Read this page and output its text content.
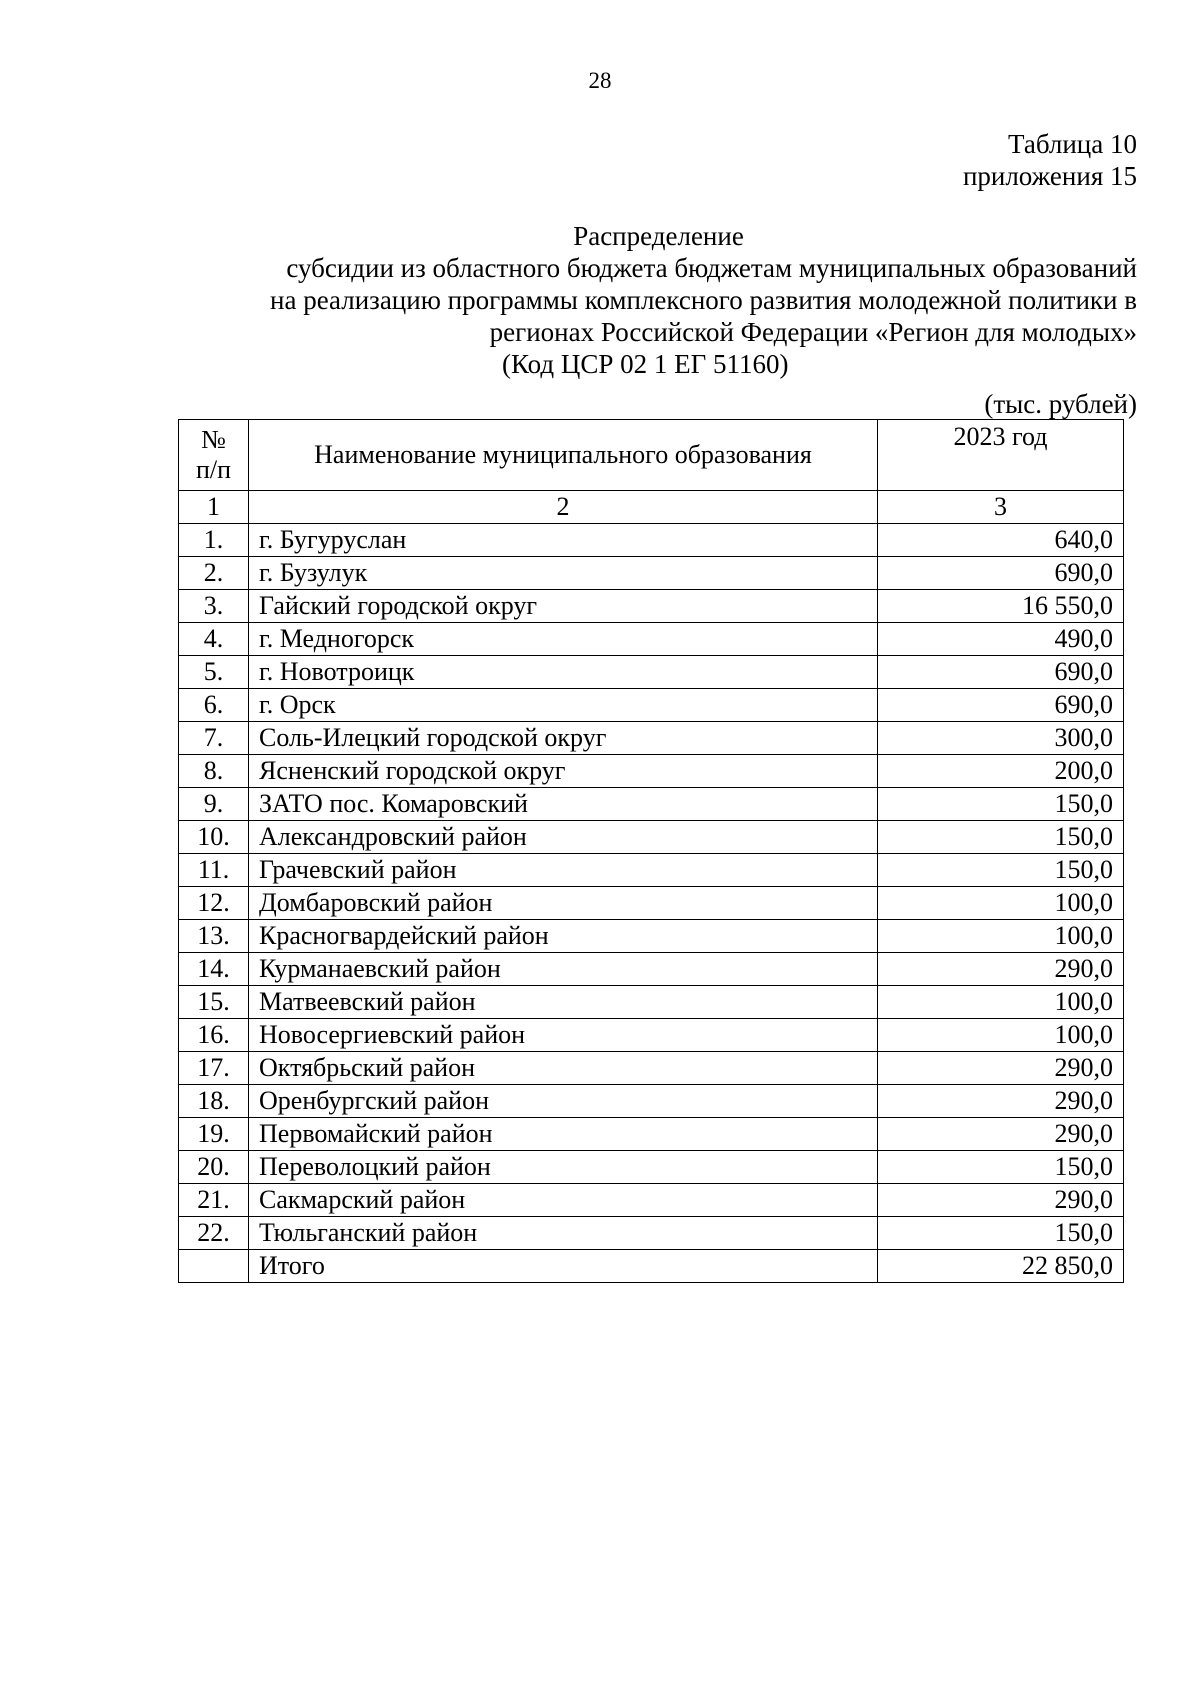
28
Таблица 10
приложения 15
Распределение
субсидии из областного бюджета бюджетам муниципальных образований
на реализацию программы комплексного развития молодежной политики в
регионах Российской Федерации «Регион для молодых»
(Код ЦСР 02 1 ЕГ 51160)
(тыс. рублей)
№
п/п	Наименование муниципального образования	2023 год
1	2	3
1.	г. Бугуруслан	640,0
2.	г. Бузулук	690,0
3.	Гайский городской округ	16 550,0
4.	г. Медногорск	490,0
5.	г. Новотроицк	690,0
6.	г. Орск	690,0
7.	Соль-Илецкий городской округ	300,0
8.	Ясненский городской округ	200,0
9.	ЗАТО пос. Комаровский	150,0
10.	Александровский район	150,0
11.	Грачевский район	150,0
12.	Домбаровский район	100,0
13.	Красногвардейский район	100,0
14.	Курманаевский район	290,0
15.	Матвеевский район	100,0
16.	Новосергиевский район	100,0
17.	Октябрьский район	290,0
18.	Оренбургский район	290,0
19.	Первомайский район	290,0
20.	Переволоцкий район	150,0
21.	Сакмарский район	290,0
22.	Тюльганский район	150,0
	Итого	22 850,0
